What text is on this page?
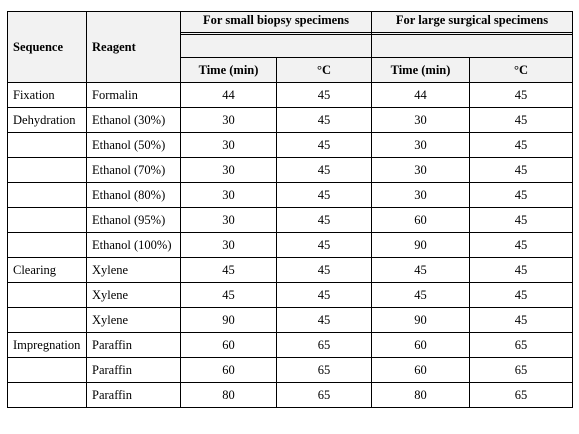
Sequence	Reagent	For small biopsy specimens		For large surgical specimens	

		Time (min)	°C	Time (min)	°C
Fixation	Formalin	44	45	44	45
Dehydration	Ethanol (30%)	30	45	30	45
	Ethanol (50%)	30	45	30	45
	Ethanol (70%)	30	45	30	45
	Ethanol (80%)	30	45	30	45
	Ethanol (95%)	30	45	60	45
	Ethanol (100%)	30	45	90	45
Clearing	Xylene	45	45	45	45
	Xylene	45	45	45	45
	Xylene	90	45	90	45
Impregnation	Paraffin	60	65	60	65
	Paraffin	60	65	60	65
	Paraffin	80	65	80	65
